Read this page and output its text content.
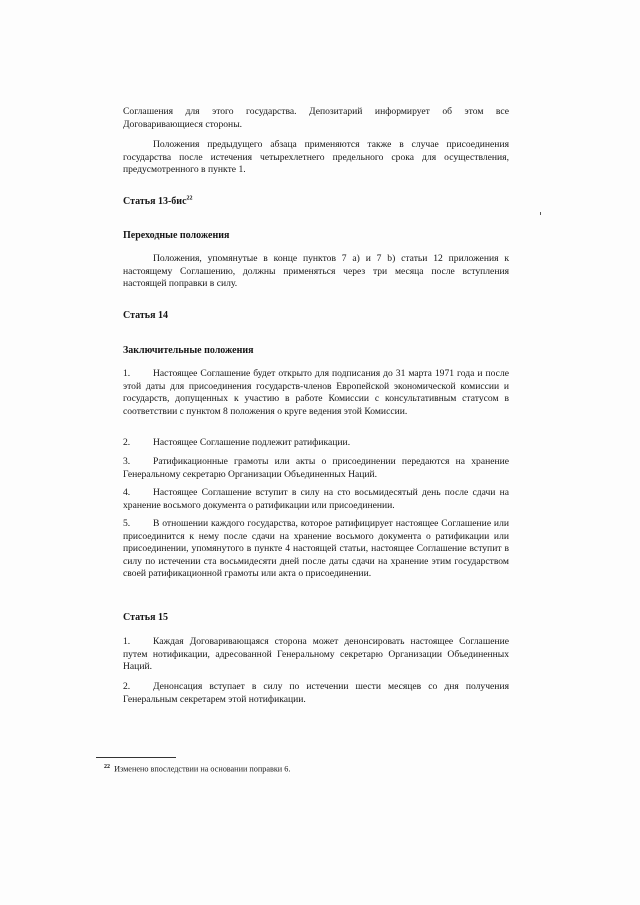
Соглашения для этого государства. Депозитарий информирует об этом все Договаривающиеся стороны.

Положения предыдущего абзаца применяются также в случае присоединения государства после истечения четырехлетнего предельного срока для осуществления, предусмотренного в пункте 1.

Статья 13-бис$^{22}$
Переходные положения

Положения, упомянутые в конце пунктов 7 a) и 7 b) статьи 12 приложения к настоящему Соглашению, должны применяться через три месяца после вступления настоящей поправки в силу.

Статья 14
Заключительные положения

1. Настоящее Соглашение будет открыто для подписания до 31 марта 1971 года и после этой даты для присоединения государств-членов Европейской экономической комиссии и государств, допущенных к участию в работе Комиссии с консультативным статусом в соответствии с пунктом 8 положения о круге ведения этой Комиссии.

2. Настоящее Соглашение подлежит ратификации.

3. Ратификационные грамоты или акты о присоединении передаются на хранение Генеральному секретарю Организации Объединенных Наций.

4. Настоящее Соглашение вступит в силу на сто восьмидесятый день после сдачи на хранение восьмого документа о ратификации или присоединении.

5. В отношении каждого государства, которое ратифицирует настоящее Соглашение или присоединится к нему после сдачи на хранение восьмого документа о ратификации или присоединении, упомянутого в пункте 4 настоящей статьи, настоящее Соглашение вступит в силу по истечении ста восьмидесяти дней после даты сдачи на хранение этим государством своей ратификационной грамоты или акта о присоединении.

Статья 15

1. Каждая Договаривающаяся сторона может денонсировать настоящее Соглашение путем нотификации, адресованной Генеральному секретарю Организации Объединенных Наций.

2. Денонсация вступает в силу по истечении шести месяцев со дня получения Генеральным секретарем этой нотификации.

$^{22}$ Изменено впоследствии на основании поправки 6.
